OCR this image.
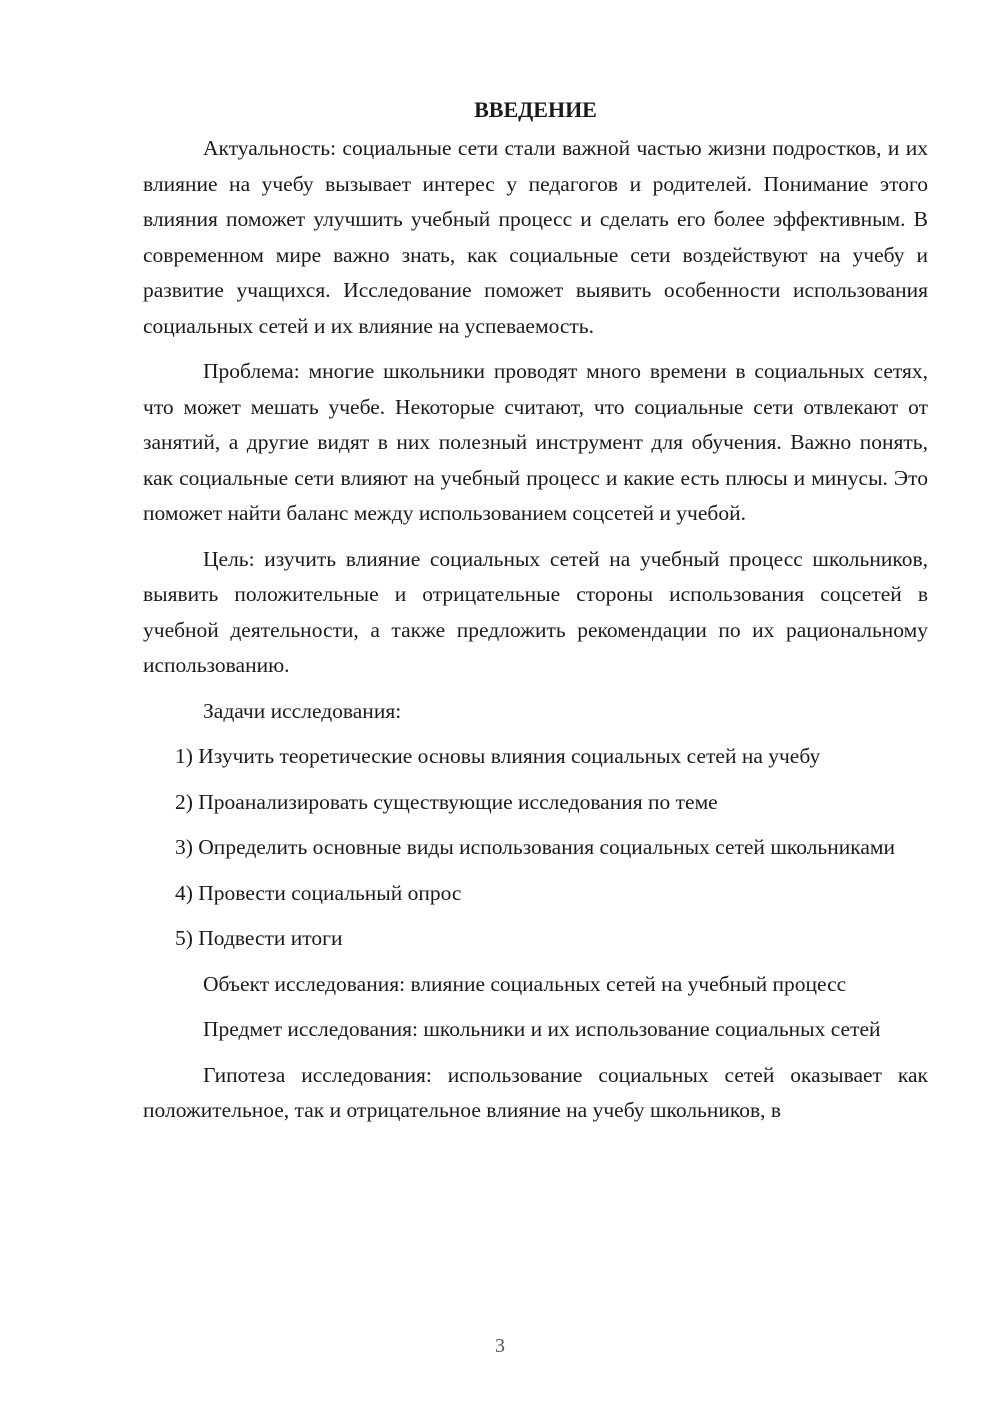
ВВЕДЕНИЕ

Актуальность: социальные сети стали важной частью жизни подростков, и их влияние на учебу вызывает интерес у педагогов и родителей. Понимание этого влияния поможет улучшить учебный процесс и сделать его более эффективным. В современном мире важно знать, как социальные сети воздействуют на учебу и развитие учащихся. Исследование поможет выявить особенности использования социальных сетей и их влияние на успеваемость.

Проблема: многие школьники проводят много времени в социальных сетях, что может мешать учебе. Некоторые считают, что социальные сети отвлекают от занятий, а другие видят в них полезный инструмент для обучения. Важно понять, как социальные сети влияют на учебный процесс и какие есть плюсы и минусы. Это поможет найти баланс между использованием соцсетей и учебой.

Цель: изучить влияние социальных сетей на учебный процесс школьников, выявить положительные и отрицательные стороны использования соцсетей в учебной деятельности, а также предложить рекомендации по их рациональному использованию.

Задачи исследования:

1) Изучить теоретические основы влияния социальных сетей на учебу

2) Проанализировать существующие исследования по теме

3) Определить основные виды использования социальных сетей школьниками

4) Провести социальный опрос

5) Подвести итоги

Объект исследования: влияние социальных сетей на учебный процесс

Предмет исследования: школьники и их использование социальных сетей

Гипотеза исследования: использование социальных сетей оказывает как положительное, так и отрицательное влияние на учебу школьников, в

3
